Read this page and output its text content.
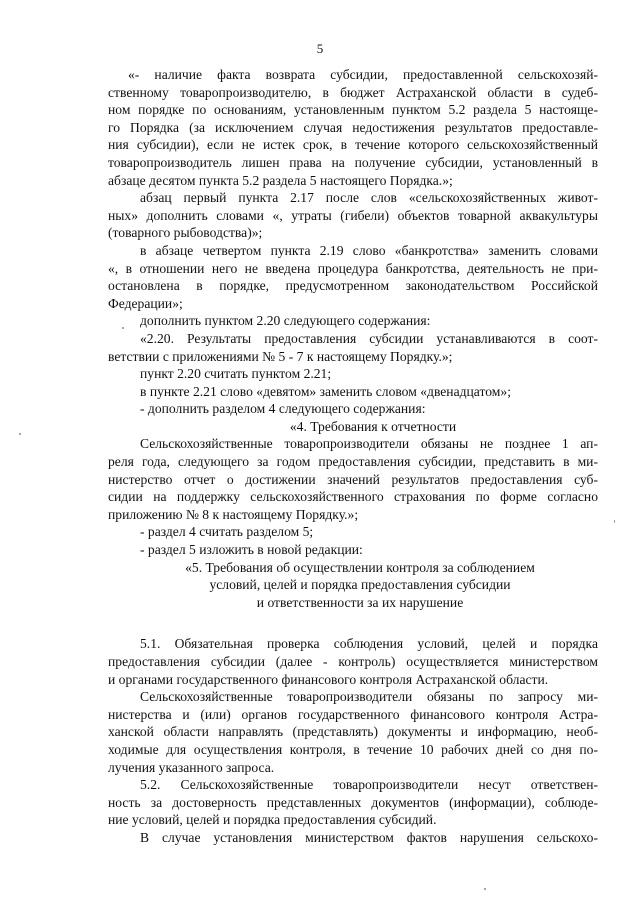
5
«- наличие факта возврата субсидии, предоставленной сельскохозяй-
ственному товаропроизводителю, в бюджет Астраханской области в судеб-
ном порядке по основаниям, установленным пунктом 5.2 раздела 5 настояще-
го Порядка (за исключением случая недостижения результатов предоставле-
ния субсидии), если не истек срок, в течение которого сельскохозяйственный
товаропроизводитель лишен права на получение субсидии, установленный в
абзаце десятом пункта 5.2 раздела 5 настоящего Порядка.»;
абзац первый пункта 2.17 после слов «сельскохозяйственных живот-
ных» дополнить словами «, утраты (гибели) объектов товарной аквакультуры
(товарного рыбоводства)»;
в абзаце четвертом пункта 2.19 слово «банкротства» заменить словами
«, в отношении него не введена процедура банкротства, деятельность не при-
остановлена в порядке, предусмотренном законодательством Российской
Федерации»;
дополнить пунктом 2.20 следующего содержания:
«2.20. Результаты предоставления субсидии устанавливаются в соот-
ветствии с приложениями № 5 - 7 к настоящему Порядку.»;
пункт 2.20 считать пунктом 2.21;
в пункте 2.21 слово «девятом» заменить словом «двенадцатом»;
- дополнить разделом 4 следующего содержания:
«4. Требования к отчетности
Сельскохозяйственные товаропроизводители обязаны не позднее 1 ап-
реля года, следующего за годом предоставления субсидии, представить в ми-
нистерство отчет о достижении значений результатов предоставления суб-
сидии на поддержку сельскохозяйственного страхования по форме согласно
приложению № 8 к настоящему Порядку.»;
- раздел 4 считать разделом 5;
- раздел 5 изложить в новой редакции:
«5. Требования об осуществлении контроля за соблюдением
условий, целей и порядка предоставления субсидии
и ответственности за их нарушение
5.1. Обязательная проверка соблюдения условий, целей и порядка
предоставления субсидии (далее - контроль) осуществляется министерством
и органами государственного финансового контроля Астраханской области.
Сельскохозяйственные товаропроизводители обязаны по запросу ми-
нистерства и (или) органов государственного финансового контроля Астра-
ханской области направлять (представлять) документы и информацию, необ-
ходимые для осуществления контроля, в течение 10 рабочих дней со дня по-
лучения указанного запроса.
5.2. Сельскохозяйственные товаропроизводители несут ответствен-
ность за достоверность представленных документов (информации), соблюде-
ние условий, целей и порядка предоставления субсидий.
В случае установления министерством фактов нарушения сельскохо-
